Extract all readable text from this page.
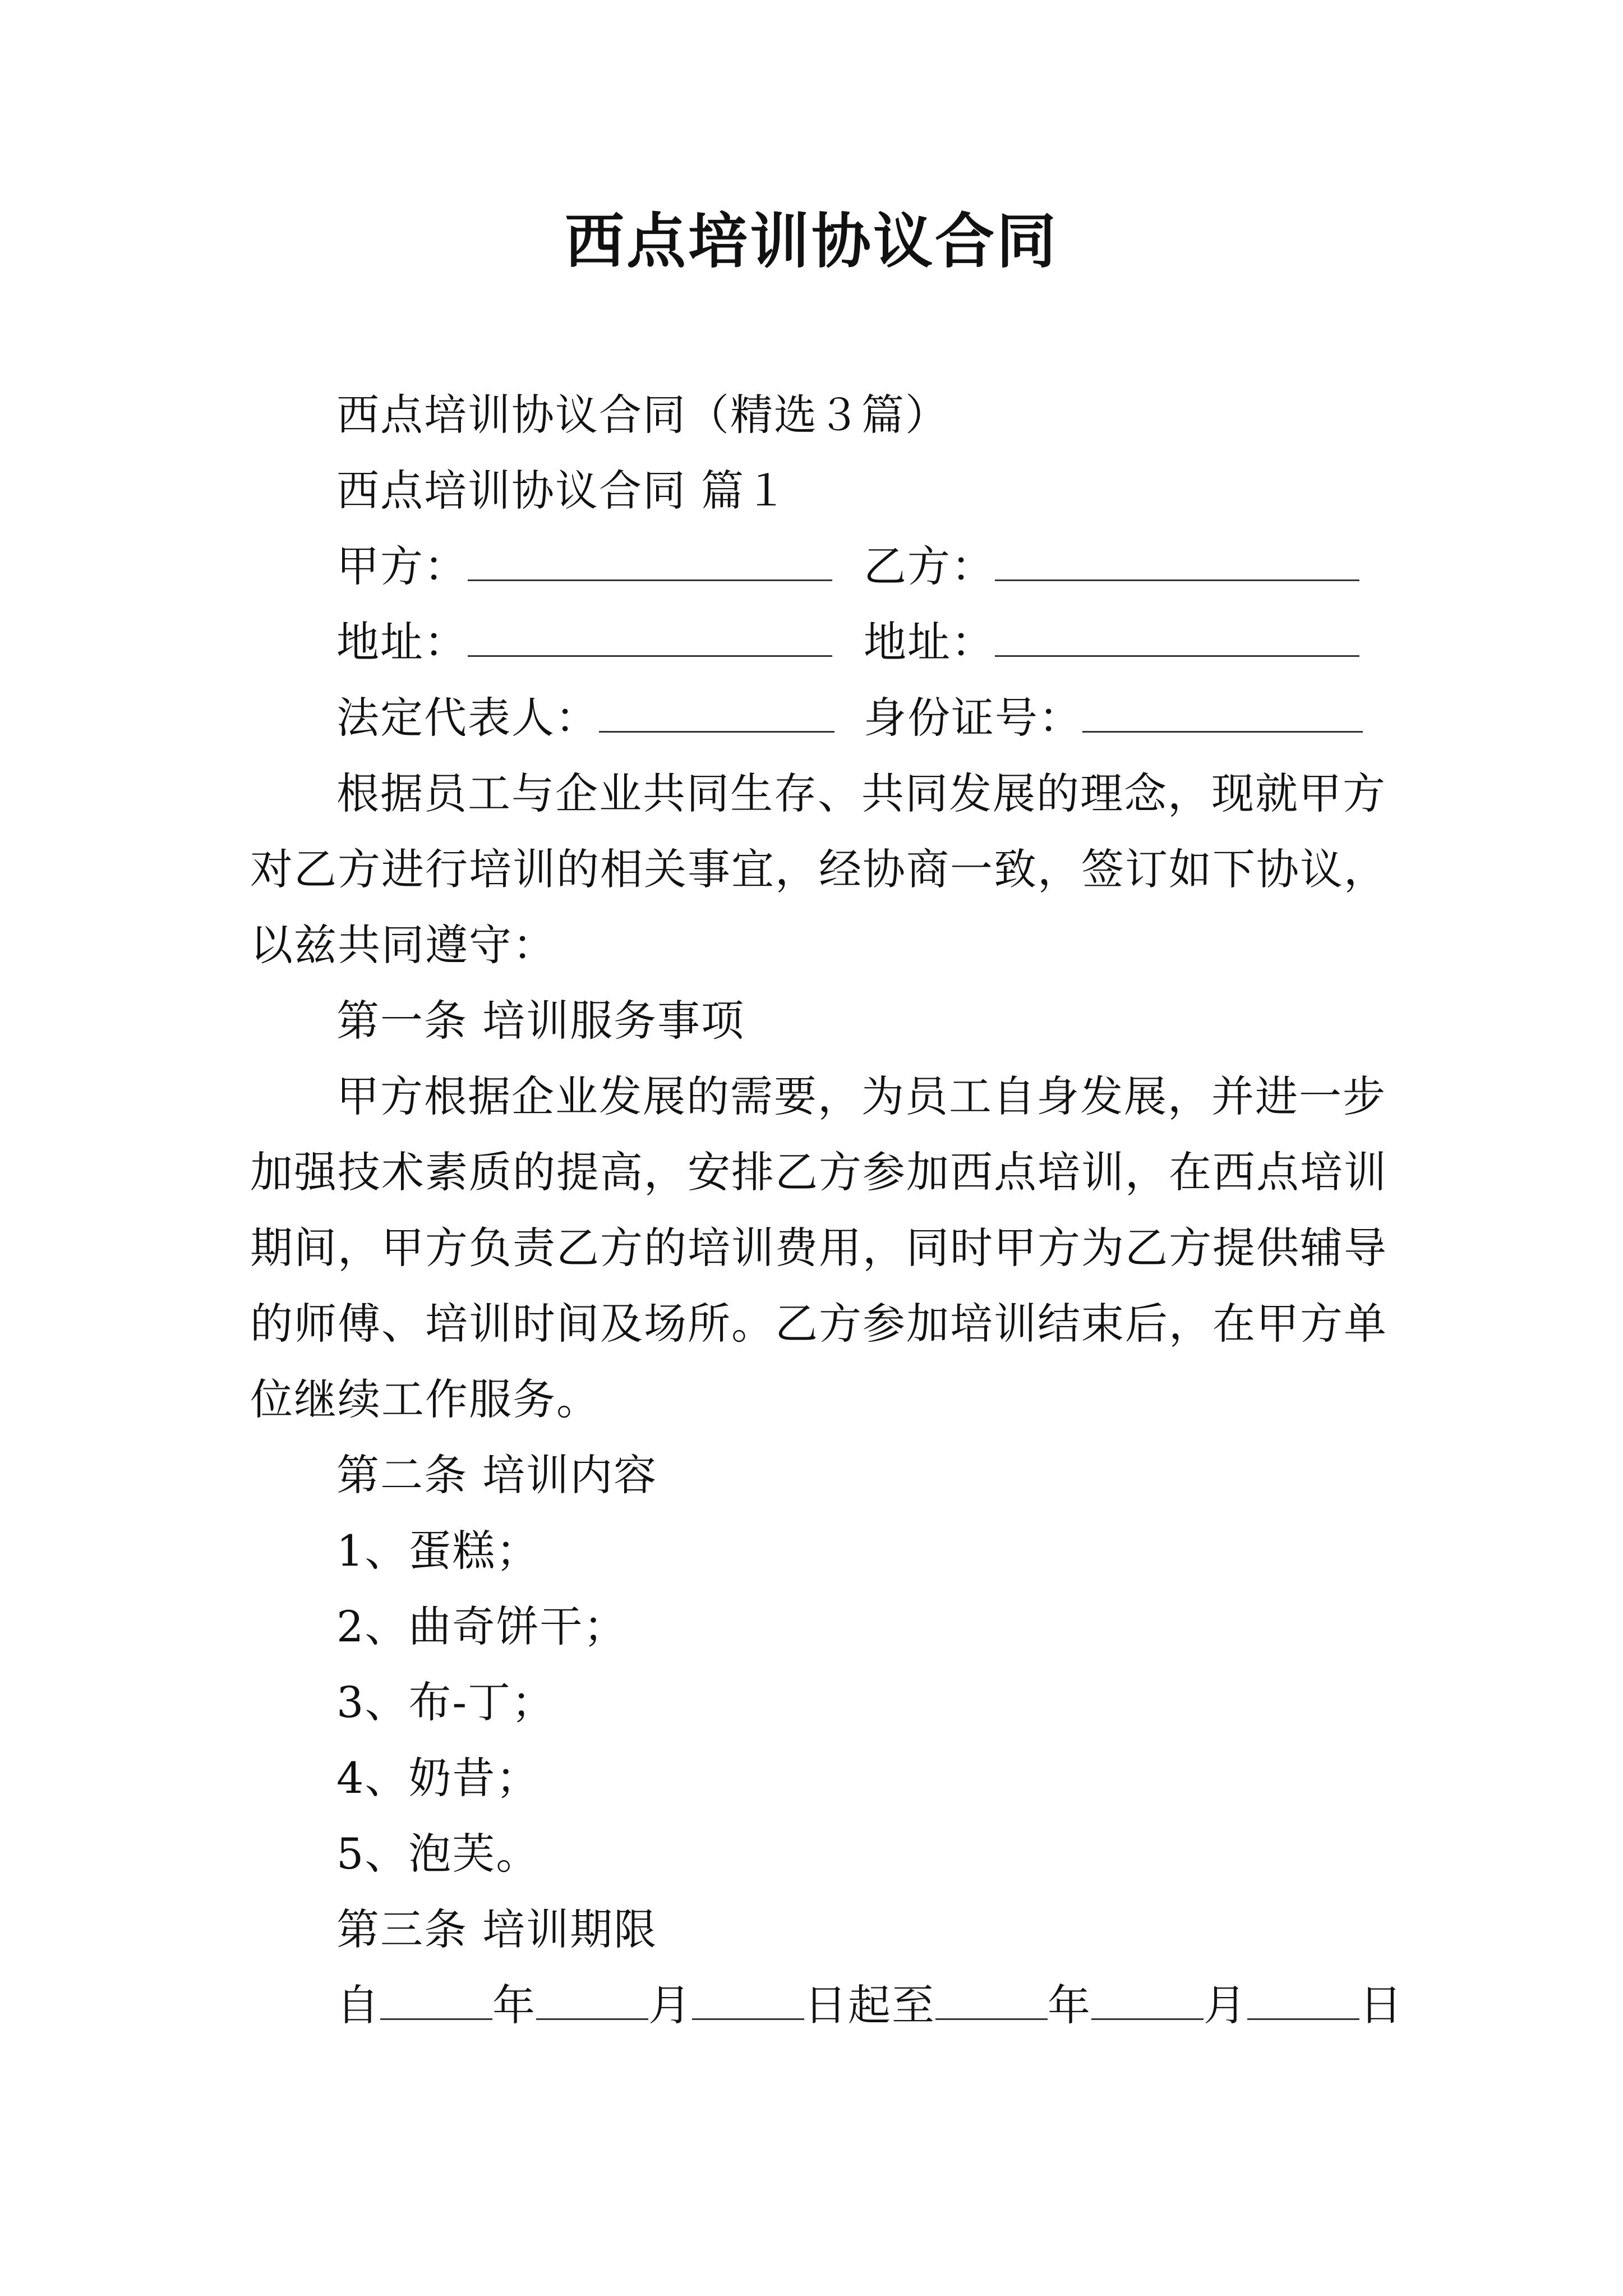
西点培训协议合同
西点培训协议合同（精选３篇）
西点培训协议合同 篇１
甲方：	乙方：
地址：	地址：
法定代表人：	身份证号：
根据员工与企业共同生存、共同发展的理念，现就甲方
对乙方进行培训的相关事宜，经协商一致，签订如下协议，
以兹共同遵守：
第一条 培训服务事项
甲方根据企业发展的需要，为员工自身发展，并进一步
加强技术素质的提高，安排乙方参加西点培训，在西点培训
期间，甲方负责乙方的培训费用，同时甲方为乙方提供辅导
的师傅、培训时间及场所。乙方参加培训结束后，在甲方单
位继续工作服务。
第二条 培训内容
1、蛋糕；
2、曲奇饼干；
3、布-丁；
4、奶昔；
5、泡芙。
第三条 培训期限
自	年	月	日起至	年	月	日
